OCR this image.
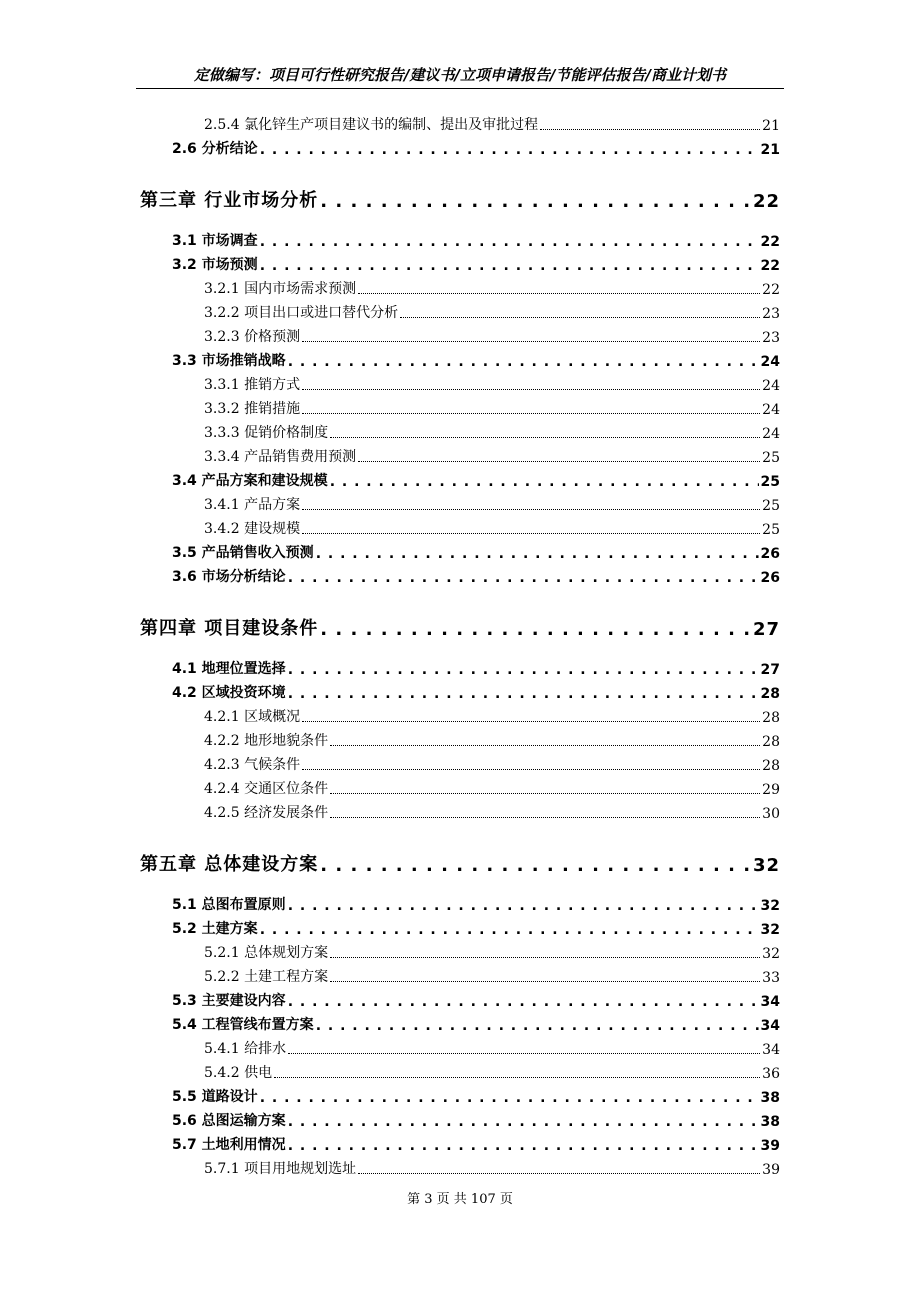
定做编写：项目可行性研究报告/建议书/立项申请报告/节能评估报告/商业计划书
2.5.4 氯化锌生产项目建议书的编制、提出及审批过程	21
2.6 分析结论 . . .	21
第三章 行业市场分析 . . .	22
3.1 市场调查 . . .	22
3.2 市场预测 . . .	22
3.2.1 国内市场需求预测	22
3.2.2 项目出口或进口替代分析	23
3.2.3 价格预测	23
3.3 市场推销战略 . . .	24
3.3.1 推销方式	24
3.3.2 推销措施	24
3.3.3 促销价格制度	24
3.3.4 产品销售费用预测	25
3.4 产品方案和建设规模 . . .	25
3.4.1 产品方案	25
3.4.2 建设规模	25
3.5 产品销售收入预测 . . .	26
3.6 市场分析结论 . . .	26
第四章 项目建设条件 . . .	27
4.1 地理位置选择 . . .	27
4.2 区域投资环境 . . .	28
4.2.1 区域概况	28
4.2.2 地形地貌条件	28
4.2.3 气候条件	28
4.2.4 交通区位条件	29
4.2.5 经济发展条件	30
第五章 总体建设方案 . . .	32
5.1 总图布置原则 . . .	32
5.2 土建方案 . . .	32
5.2.1 总体规划方案	32
5.2.2 土建工程方案	33
5.3 主要建设内容 . . .	34
5.4 工程管线布置方案 . . .	34
5.4.1 给排水	34
5.4.2 供电	36
5.5 道路设计 . . .	38
5.6 总图运输方案 . . .	38
5.7 土地利用情况 . . .	39
5.7.1 项目用地规划选址	39
第 3 页 共 107 页
